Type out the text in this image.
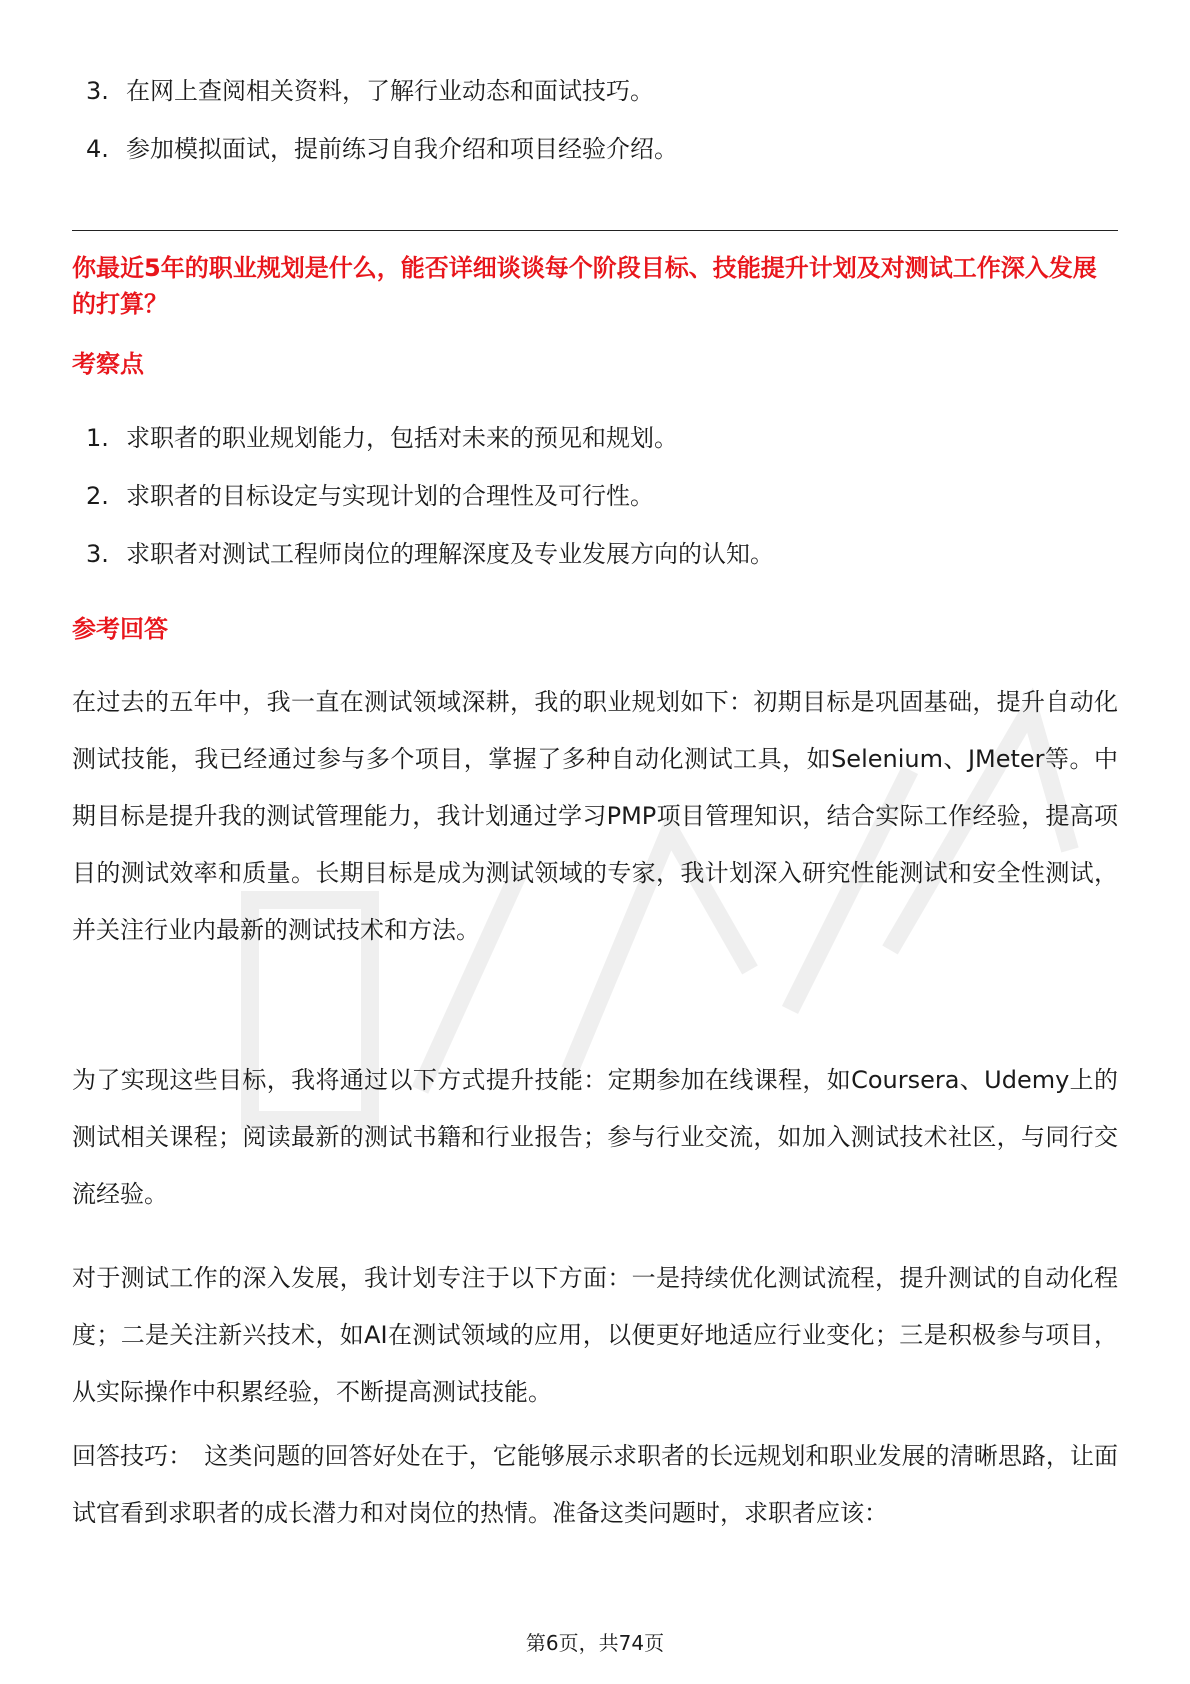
3. 在网上查阅相关资料，了解行业动态和面试技巧。
4. 参加模拟面试，提前练习自我介绍和项目经验介绍。
你最近5年的职业规划是什么，能否详细谈谈每个阶段目标、技能提升计划及对测试工作深入发展的打算？
考察点
1. 求职者的职业规划能力，包括对未来的预见和规划。
2. 求职者的目标设定与实现计划的合理性及可行性。
3. 求职者对测试工程师岗位的理解深度及专业发展方向的认知。
参考回答

在过去的五年中，我一直在测试领域深耕，我的职业规划如下：初期目标是巩固基础，提升自动化测试技能，我已经通过参与多个项目，掌握了多种自动化测试工具，如Selenium、JMeter等。中期目标是提升我的测试管理能力，我计划通过学习PMP项目管理知识，结合实际工作经验，提高项目的测试效率和质量。长期目标是成为测试领域的专家，我计划深入研究性能测试和安全性测试，并关注行业内最新的测试技术和方法。

为了实现这些目标，我将通过以下方式提升技能：定期参加在线课程，如Coursera、Udemy上的测试相关课程；阅读最新的测试书籍和行业报告；参与行业交流，如加入测试技术社区，与同行交流经验。

对于测试工作的深入发展，我计划专注于以下方面：一是持续优化测试流程，提升测试的自动化程度；二是关注新兴技术，如AI在测试领域的应用，以便更好地适应行业变化；三是积极参与项目，从实际操作中积累经验，不断提高测试技能。

回答技巧： 这类问题的回答好处在于，它能够展示求职者的长远规划和职业发展的清晰思路，让面试官看到求职者的成长潜力和对岗位的热情。准备这类问题时，求职者应该：

第6页，共74页
